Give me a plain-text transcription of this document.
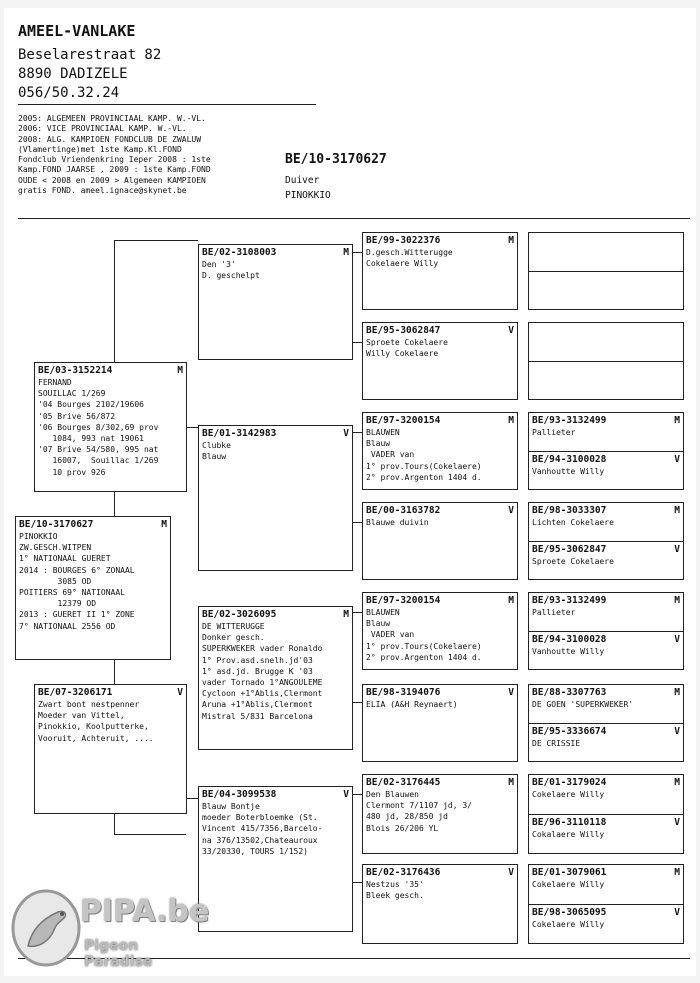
AMEEL-VANLAKE
Beselarestraat 82
8890 DADIZELE
056/50.32.24
2005: ALGEMEEN PROVINCIAAL KAMP. W.-VL.
2006: VICE PROVINCIAAL KAMP. W.-VL.
2008: ALG. KAMPIOEN FONDCLUB DE ZWALUW
(Vlamertinge)met 1ste Kamp.Kl.FOND
Fondclub Vriendenkring Ieper 2008 : 1ste
Kamp.FOND JAARSE , 2009 : 1ste Kamp.FOND
OUDE < 2008 en 2009 > Algemeen KAMPIOEN
gratis FOND. ameel.ignace@skynet.be
BE/10-3170627
Duiver
PINOKKIO
BE/10-3170627	M
PINOKKIO
ZW.GESCH.WITPEN
1° NATIONAAL GUERET
2014 : BOURGES 6° ZONAAL
3085 OD
POITIERS 69° NATIONAAL
12379 OD
2013 : GUERET II 1° ZONE
7° NATIONAAL 2556 OD
BE/03-3152214	M
FERNAND
SOUILLAC 1/269
'04 Bourges 2102/19606
'05 Brive 56/872
'06 Bourges 8/302,69 prov
1084, 993 nat 19061
'07 Brive 54/580, 995 nat
16007,  Souillac 1/269
10 prov 926
BE/07-3206171	V
Zwart bont nestpenner
Moeder van Vittel,
Pinokkio, Koolputterke,
Vooruit, Achteruit, ....
BE/02-3108003	M
Den '3'
D. geschelpt
BE/01-3142983	V
Clubke
Blauw
BE/02-3026095	M
DE WITTERUGGE
Donker gesch.
SUPERKWEKER vader Ronaldo
1° Prov.asd.snelh.jd'03
1° asd.jd. Brugge K '03
vader Tornado 1°ANGOULEME
Cycloon +1°Ablis,Clermont
Aruna +1°Ablis,Clermont
Mistral 5/831 Barcelona
BE/04-3099538	V
Blauw Bontje
moeder Boterbloemke (St.
Vincent 415/7356,Barcelo-
na 376/13502,Chateauroux
33/20330, TOURS 1/152)
BE/99-3022376	M
D.gesch.Witterugge
Cokelaere Willy
BE/95-3062847	V
Sproete Cokelaere
Willy Cokelaere
BE/97-3200154	M
BLAUWEN
Blauw
VADER van
1° prov.Tours(Cokelaere)
2° prov.Argenton 1404 d.
BE/00-3163782	V
Blauwe duivin
BE/97-3200154	M
BLAUWEN
Blauw
VADER van
1° prov.Tours(Cokelaere)
2° prov.Argenton 1404 d.
BE/98-3194076	V
ELIA (A&H Reynaert)
BE/02-3176445	M
Den Blauwen
Clermont 7/1107 jd, 3/
480 jd, 28/850 jd
Blois 26/206 YL
BE/02-3176436	V
Nestzus '35'
Bleek gesch.
BE/93-3132499	M
Pallieter
BE/94-3100028	V
Vanhoutte Willy
BE/98-3033307	M
Lichten Cokelaere
BE/95-3062847	V
Sproete Cokelaere
BE/93-3132499	M
Pallieter
BE/94-3100028	V
Vanhoutte Willy
BE/88-3307763	M
DE GOEN 'SUPERKWEKER'
BE/95-3336674	V
DE CRISSIE
BE/01-3179024	M
Cokelaere Willy
BE/96-3110118	V
Cokalaere Willy
BE/01-3079061	M
Cokelaere Willy
BE/98-3065095	V
Cokelaere Willy
PIPA.be
Pigeon Paradise
